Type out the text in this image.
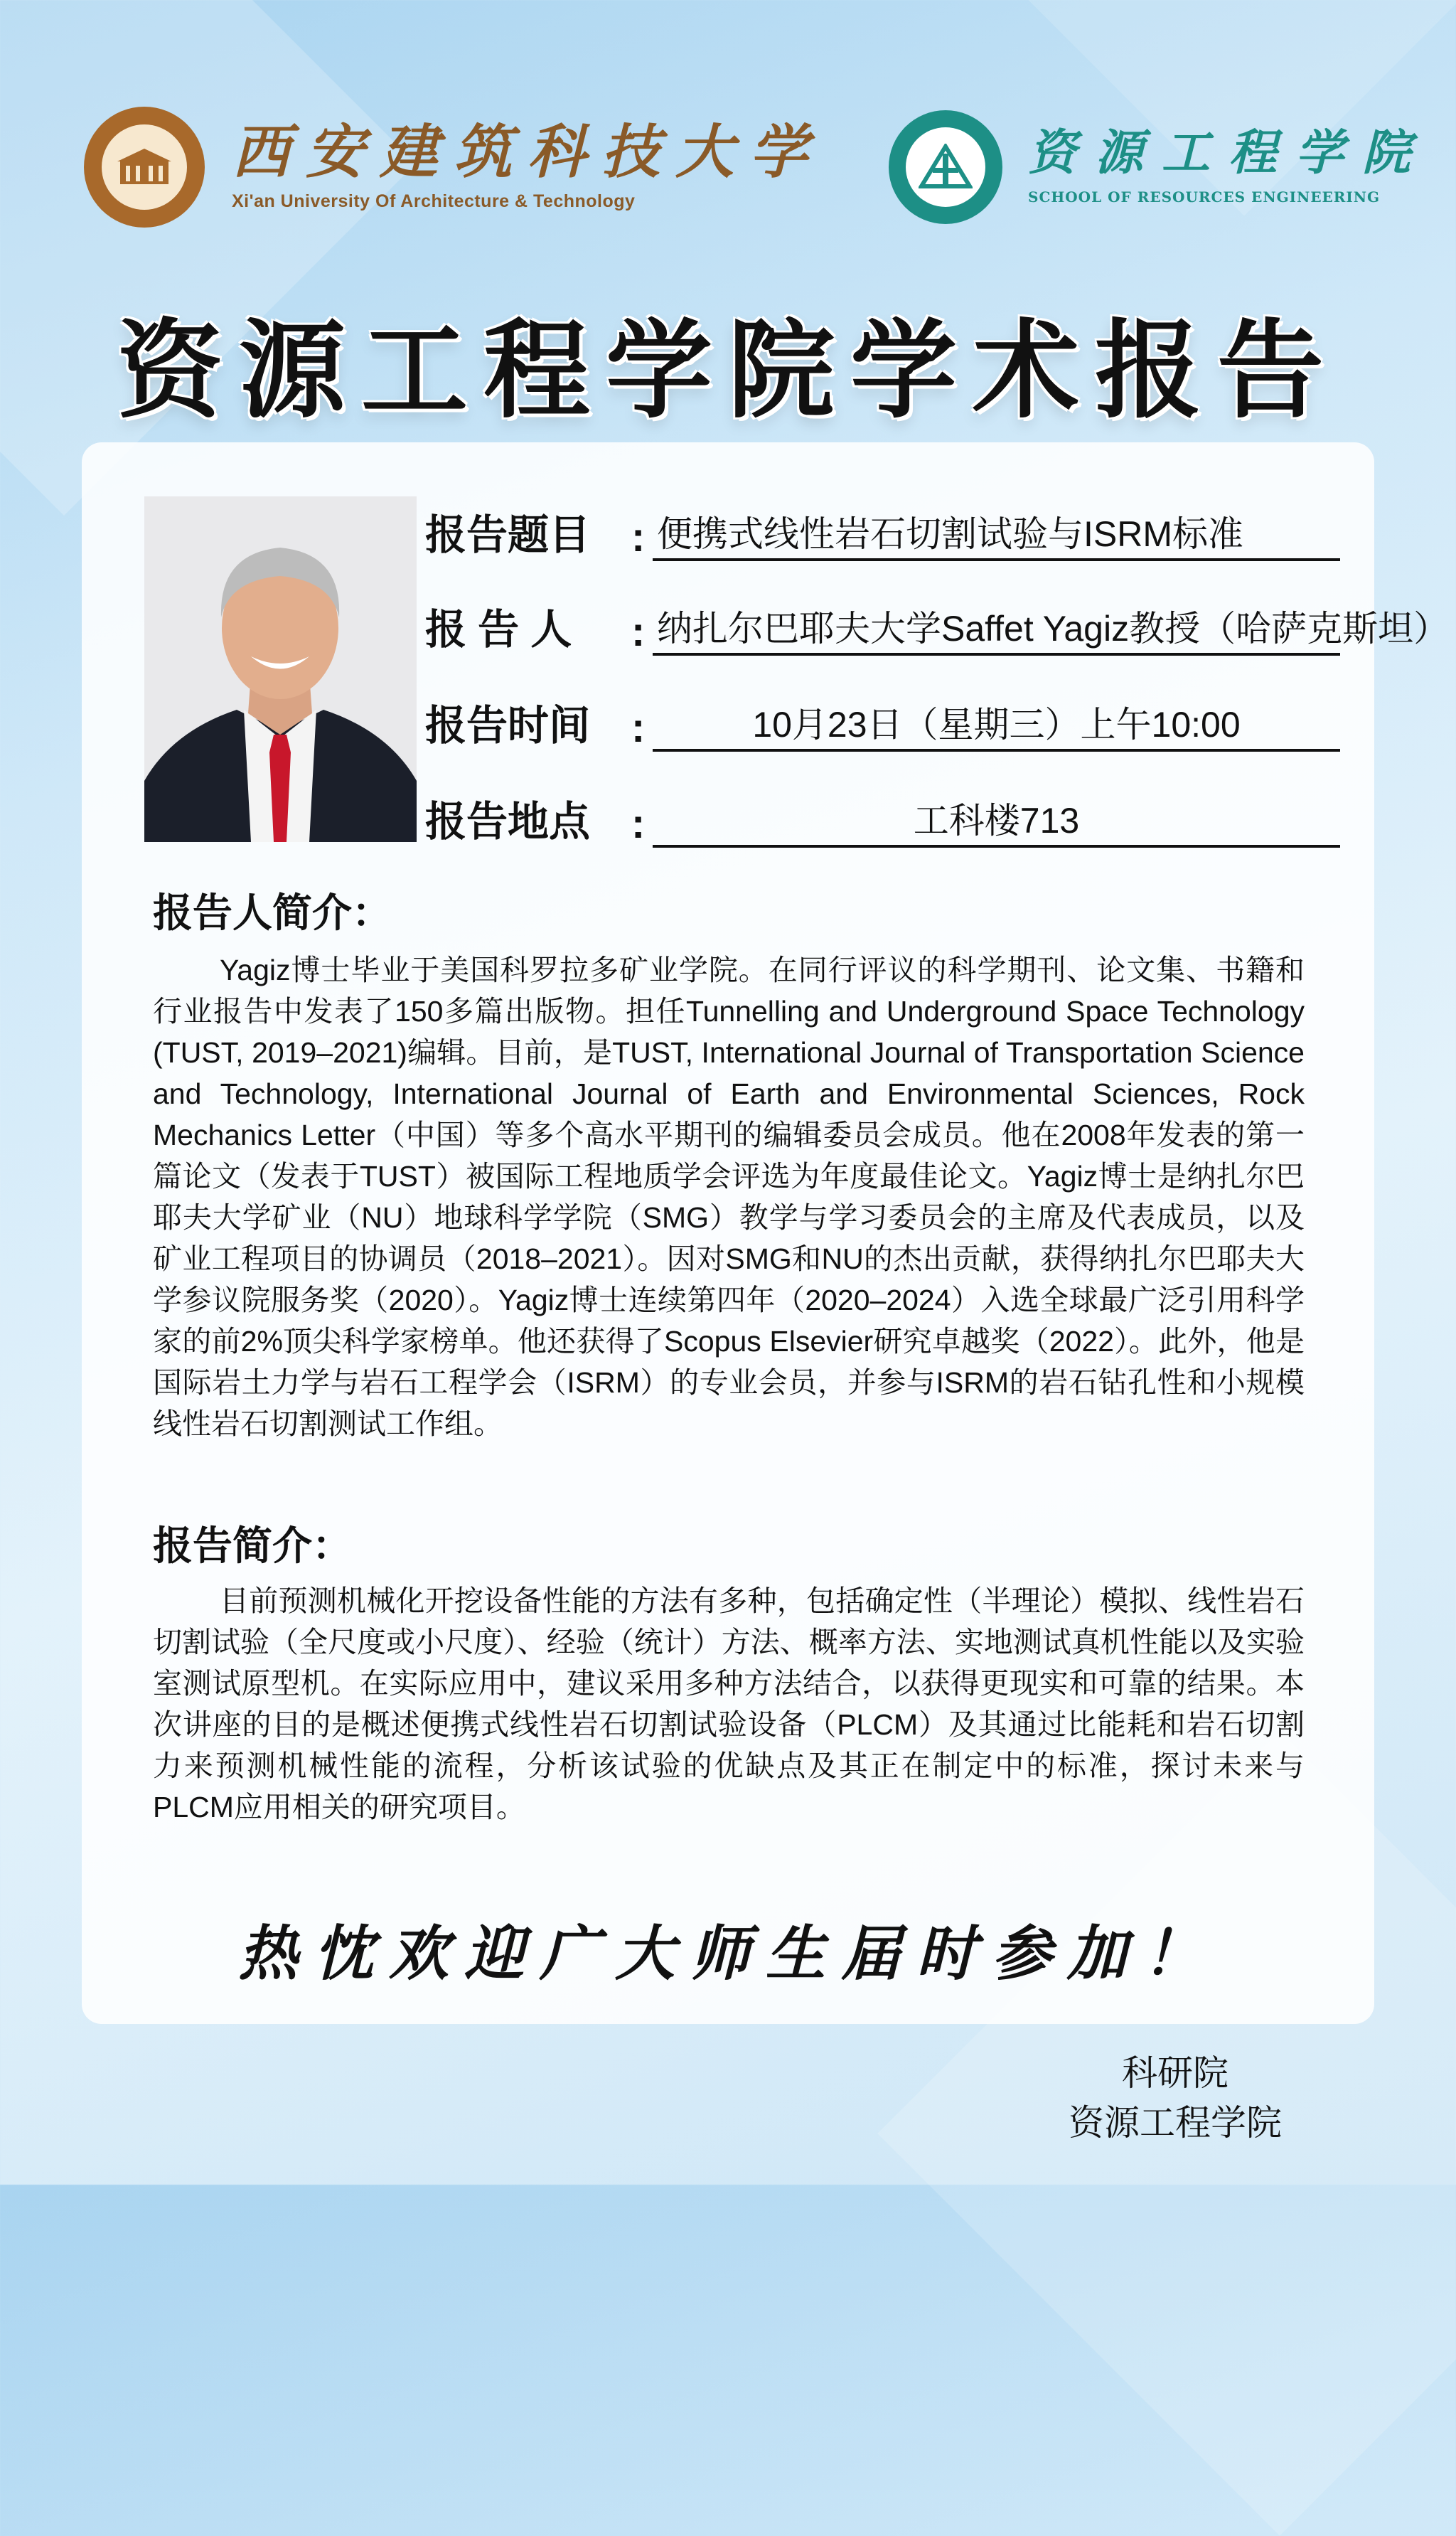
西安建筑科技大学
Xi'an University Of Architecture & Technology
资源工程学院
SCHOOL OF RESOURCES ENGINEERING
资源工程学院学术报告
报告题目 : 便携式线性岩石切割试验与ISRM标准
报 告 人	: 纳扎尔巴耶夫大学Saffet Yagiz教授（哈萨克斯坦）
报告时间 :	10月23日（星期三）上午10:00
报告地点 :	工科楼713
报告人简介：

Yagiz博士毕业于美国科罗拉多矿业学院。在同行评议的科学期刊、论文集、书籍和行业报告中发表了150多篇出版物。担任Tunnelling and Underground Space Technology (TUST, 2019–2021)编辑。目前，是TUST, International Journal of Transportation Science and Technology, International Journal of Earth and Environmental Sciences, Rock Mechanics Letter（中国）等多个高水平期刊的编辑委员会成员。他在2008年发表的第一篇论文（发表于TUST）被国际工程地质学会评选为年度最佳论文。Yagiz博士是纳扎尔巴耶夫大学矿业（NU）地球科学学院（SMG）教学与学习委员会的主席及代表成员，以及矿业工程项目的协调员（2018–2021）。因对SMG和NU的杰出贡献，获得纳扎尔巴耶夫大学参议院服务奖（2020）。Yagiz博士连续第四年（2020–2024）入选全球最广泛引用科学家的前2%顶尖科学家榜单。他还获得了Scopus Elsevier研究卓越奖（2022）。此外，他是国际岩土力学与岩石工程学会（ISRM）的专业会员，并参与ISRM的岩石钻孔性和小规模线性岩石切割测试工作组。

报告简介：

目前预测机械化开挖设备性能的方法有多种，包括确定性（半理论）模拟、线性岩石切割试验（全尺度或小尺度）、经验（统计）方法、概率方法、实地测试真机性能以及实验室测试原型机。在实际应用中，建议采用多种方法结合，以获得更现实和可靠的结果。本次讲座的目的是概述便携式线性岩石切割试验设备（PLCM）及其通过比能耗和岩石切割力来预测机械性能的流程，分析该试验的优缺点及其正在制定中的标准，探讨未来与PLCM应用相关的研究项目。

热忱欢迎广大师生届时参加！
科研院
资源工程学院
